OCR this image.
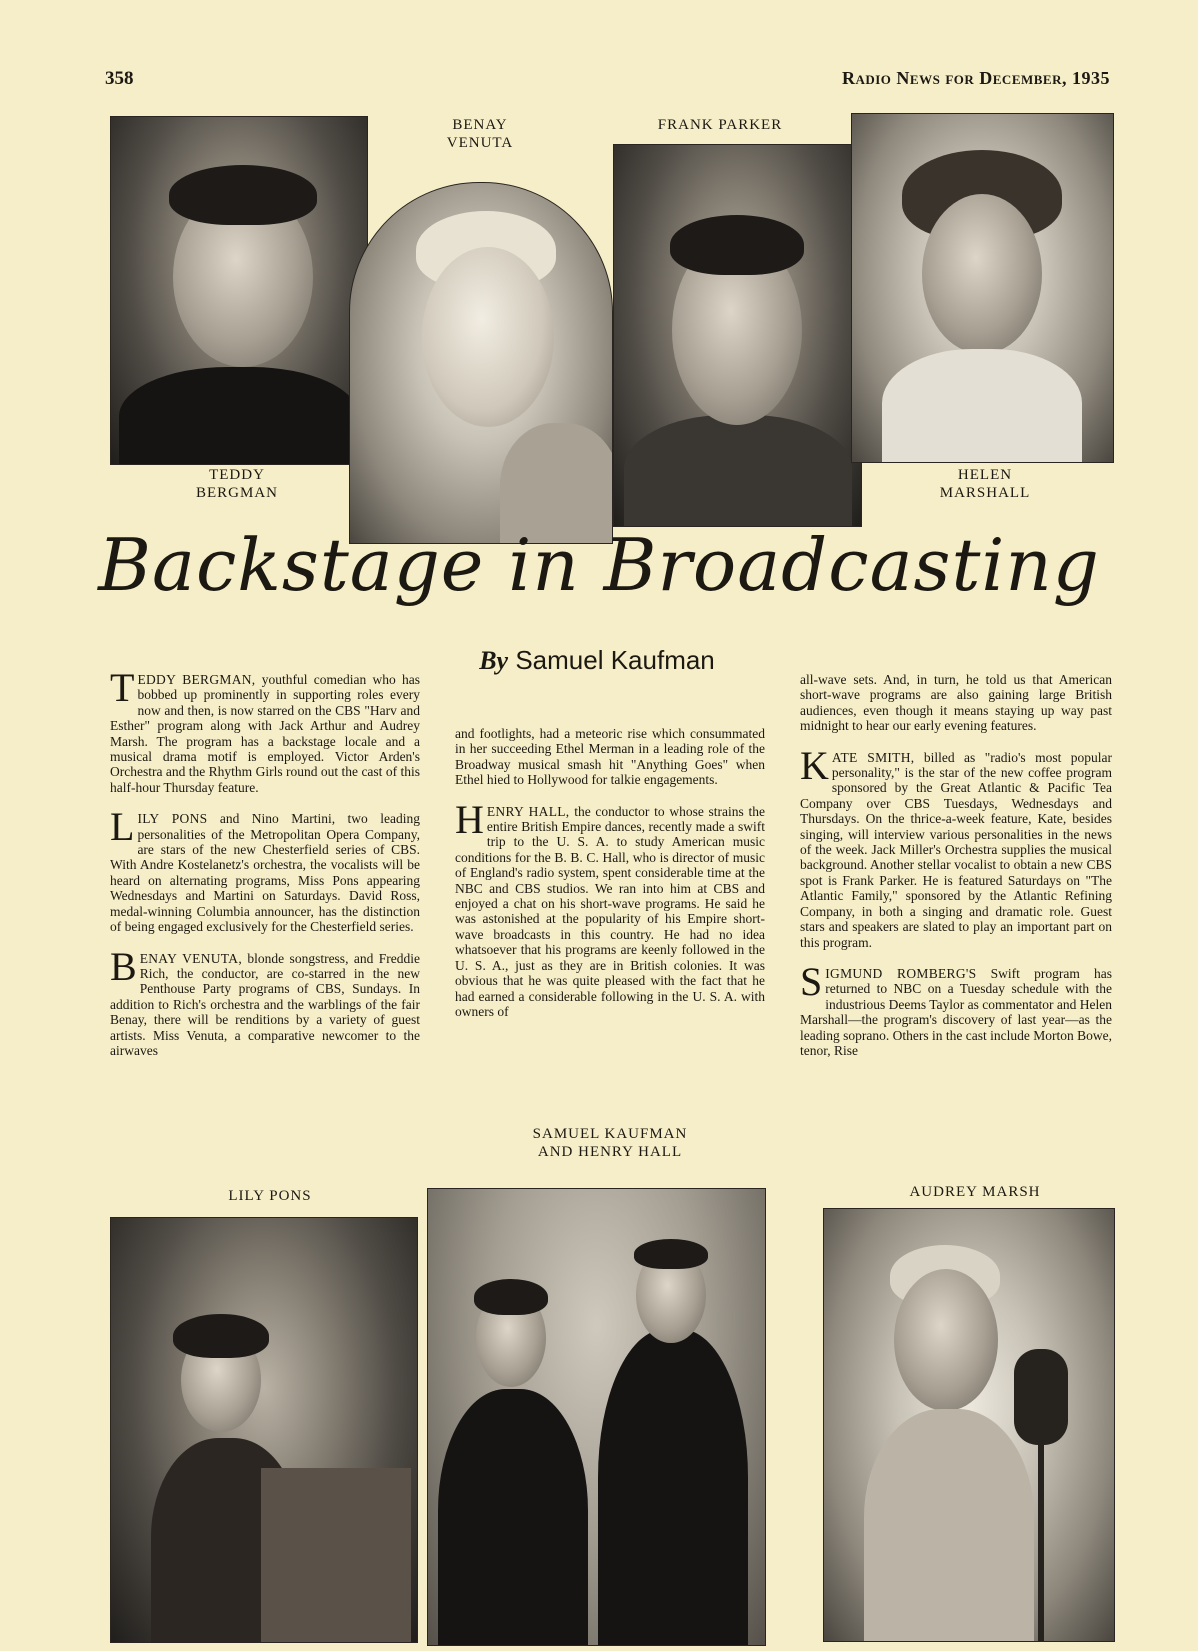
358	Radio News for December, 1935
TEDDY
BERGMAN
BENAY
VENUTA
FRANK PARKER
HELEN
MARSHALL
Backstage in Broadcasting
By Samuel Kaufman

TEDDY BERGMAN, youthful comedian who has bobbed up prominently in supporting roles every now and then, is now starred on the CBS "Harv and Esther" program along with Jack Arthur and Audrey Marsh. The program has a backstage locale and a musical drama motif is employed. Victor Arden's Orchestra and the Rhythm Girls round out the cast of this half-hour Thursday feature.

LILY PONS and Nino Martini, two leading personalities of the Metropolitan Opera Company, are stars of the new Chesterfield series of CBS. With Andre Kostelanetz's orchestra, the vocalists will be heard on alternating programs, Miss Pons appearing Wednesdays and Martini on Saturdays. David Ross, medal-winning Columbia announcer, has the distinction of being engaged exclusively for the Chesterfield series.

BENAY VENUTA, blonde songstress, and Freddie Rich, the conductor, are co-starred in the new Penthouse Party programs of CBS, Sundays. In addition to Rich's orchestra and the warblings of the fair Benay, there will be renditions by a variety of guest artists. Miss Venuta, a comparative newcomer to the airwaves

and footlights, had a meteoric rise which consummated in her succeeding Ethel Merman in a leading role of the Broadway musical smash hit "Anything Goes" when Ethel hied to Hollywood for talkie engagements.

HENRY HALL, the conductor to whose strains the entire British Empire dances, recently made a swift trip to the U. S. A. to study American music conditions for the B. B. C. Hall, who is director of music of England's radio system, spent considerable time at the NBC and CBS studios. We ran into him at CBS and enjoyed a chat on his short-wave programs. He said he was astonished at the popularity of his Empire short-wave broadcasts in this country. He had no idea whatsoever that his programs are keenly followed in the U. S. A., just as they are in British colonies. It was obvious that he was quite pleased with the fact that he had earned a considerable following in the U. S. A. with owners of

SAMUEL KAUFMAN
AND HENRY HALL

all-wave sets. And, in turn, he told us that American short-wave programs are also gaining large British audiences, even though it means staying up way past midnight to hear our early evening features.

KATE SMITH, billed as "radio's most popular personality," is the star of the new coffee program sponsored by the Great Atlantic & Pacific Tea Company over CBS Tuesdays, Wednesdays and Thursdays. On the thrice-a-week feature, Kate, besides singing, will interview various personalities in the news of the week. Jack Miller's Orchestra supplies the musical background. Another stellar vocalist to obtain a new CBS spot is Frank Parker. He is featured Saturdays on "The Atlantic Family," sponsored by the Atlantic Refining Company, in both a singing and dramatic role. Guest stars and speakers are slated to play an important part on this program.

SIGMUND ROMBERG'S Swift program has returned to NBC on a Tuesday schedule with the industrious Deems Taylor as commentator and Helen Marshall—the program's discovery of last year—as the leading soprano. Others in the cast include Morton Bowe, tenor, Rise

LILY PONS	AUDREY MARSH
